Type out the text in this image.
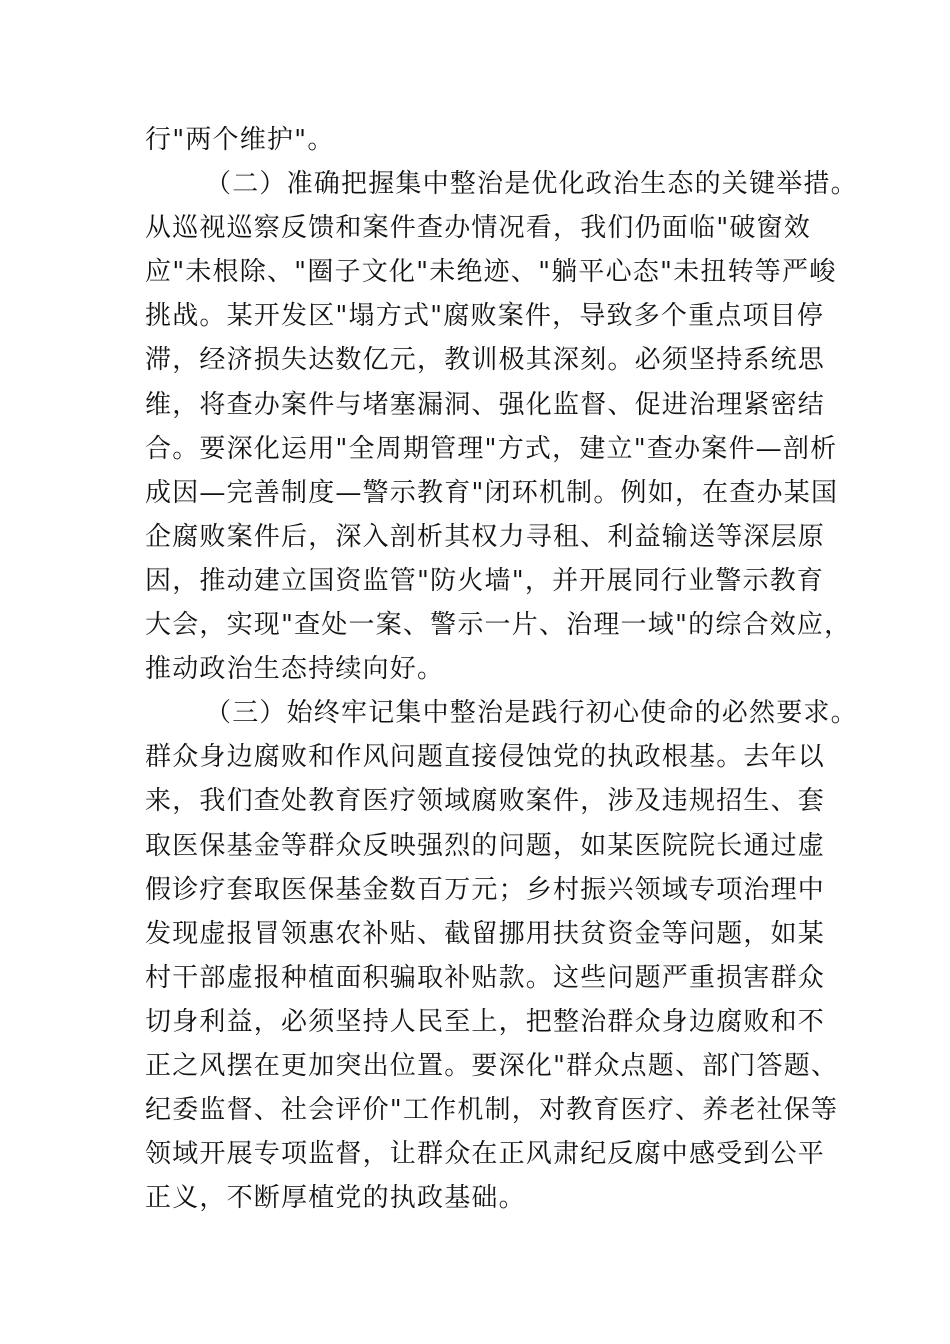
行"两个维护"。
（二）准确把握集中整治是优化政治生态的关键举措。
从巡视巡察反馈和案件查办情况看，我们仍面临"破窗效
应"未根除、"圈子文化"未绝迹、"躺平心态"未扭转等严峻
挑战。某开发区"塌方式"腐败案件，导致多个重点项目停
滞，经济损失达数亿元，教训极其深刻。必须坚持系统思
维，将查办案件与堵塞漏洞、强化监督、促进治理紧密结
合。要深化运用"全周期管理"方式，建立"查办案件—剖析
成因—完善制度—警示教育"闭环机制。例如，在查办某国
企腐败案件后，深入剖析其权力寻租、利益输送等深层原
因，推动建立国资监管"防火墙"，并开展同行业警示教育
大会，实现"查处一案、警示一片、治理一域"的综合效应，
推动政治生态持续向好。
（三）始终牢记集中整治是践行初心使命的必然要求。
群众身边腐败和作风问题直接侵蚀党的执政根基。去年以
来，我们查处教育医疗领域腐败案件，涉及违规招生、套
取医保基金等群众反映强烈的问题，如某医院院长通过虚
假诊疗套取医保基金数百万元；乡村振兴领域专项治理中
发现虚报冒领惠农补贴、截留挪用扶贫资金等问题，如某
村干部虚报种植面积骗取补贴款。这些问题严重损害群众
切身利益，必须坚持人民至上，把整治群众身边腐败和不
正之风摆在更加突出位置。要深化"群众点题、部门答题、
纪委监督、社会评价"工作机制，对教育医疗、养老社保等
领域开展专项监督，让群众在正风肃纪反腐中感受到公平
正义，不断厚植党的执政基础。
